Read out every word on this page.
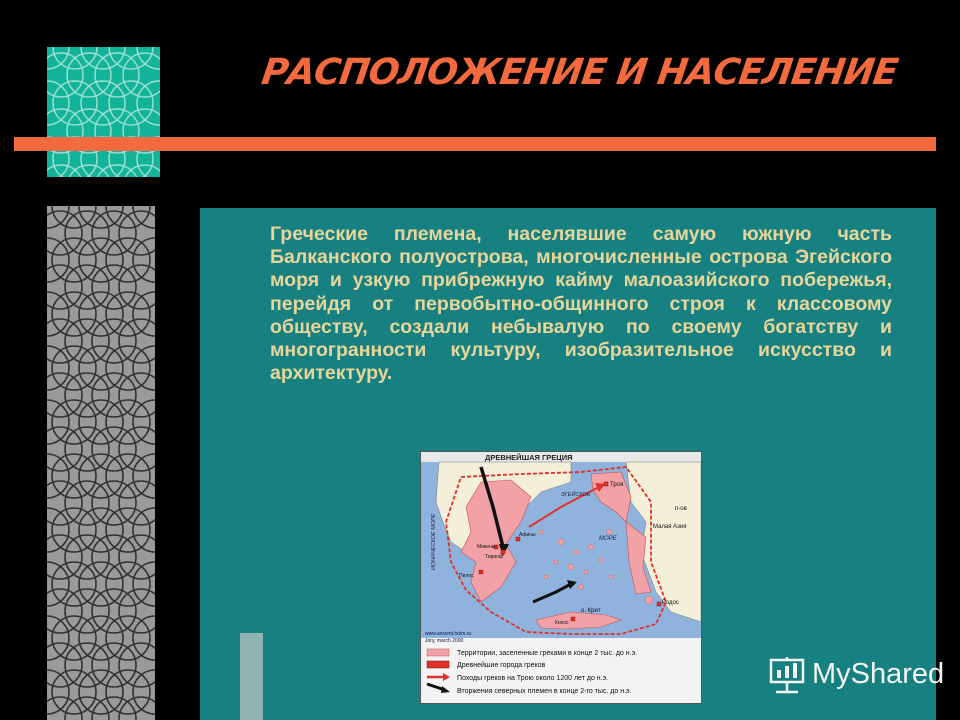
РАСПОЛОЖЕНИЕ И НАСЕЛЕНИЕ
Греческие племена, населявшие самую южную часть Балканского полуострова, многочисленные острова Эгейского моря и узкую прибрежную кайму малоазийского побережья, перейдя от первобытно-общинного строя к классовому обществу, создали небывалую по своему богатству и многогранности культуру, изобразительное искусство и архитектуру.
ДРЕВНЕЙШАЯ ГРЕЦИЯ
ИОНИЧЕСКОЕ МОРЕ
ЭГЕЙСКОЕ
МОРЕ
Троя
п-ов
Малая Азия
Афины
Микены
Тиринф
Пилос
о. Крит
Кносс
Родос
www.ancient.holm.ru
Jory, march 2000
Территории, заселенные греками в конце 2 тыс. до н.э.
Древнейшие города греков
Походы греков на Трою около 1200 лет до н.э.
Вторжения северных племен в конце 2-го тыс. до н.э.
MyShared
